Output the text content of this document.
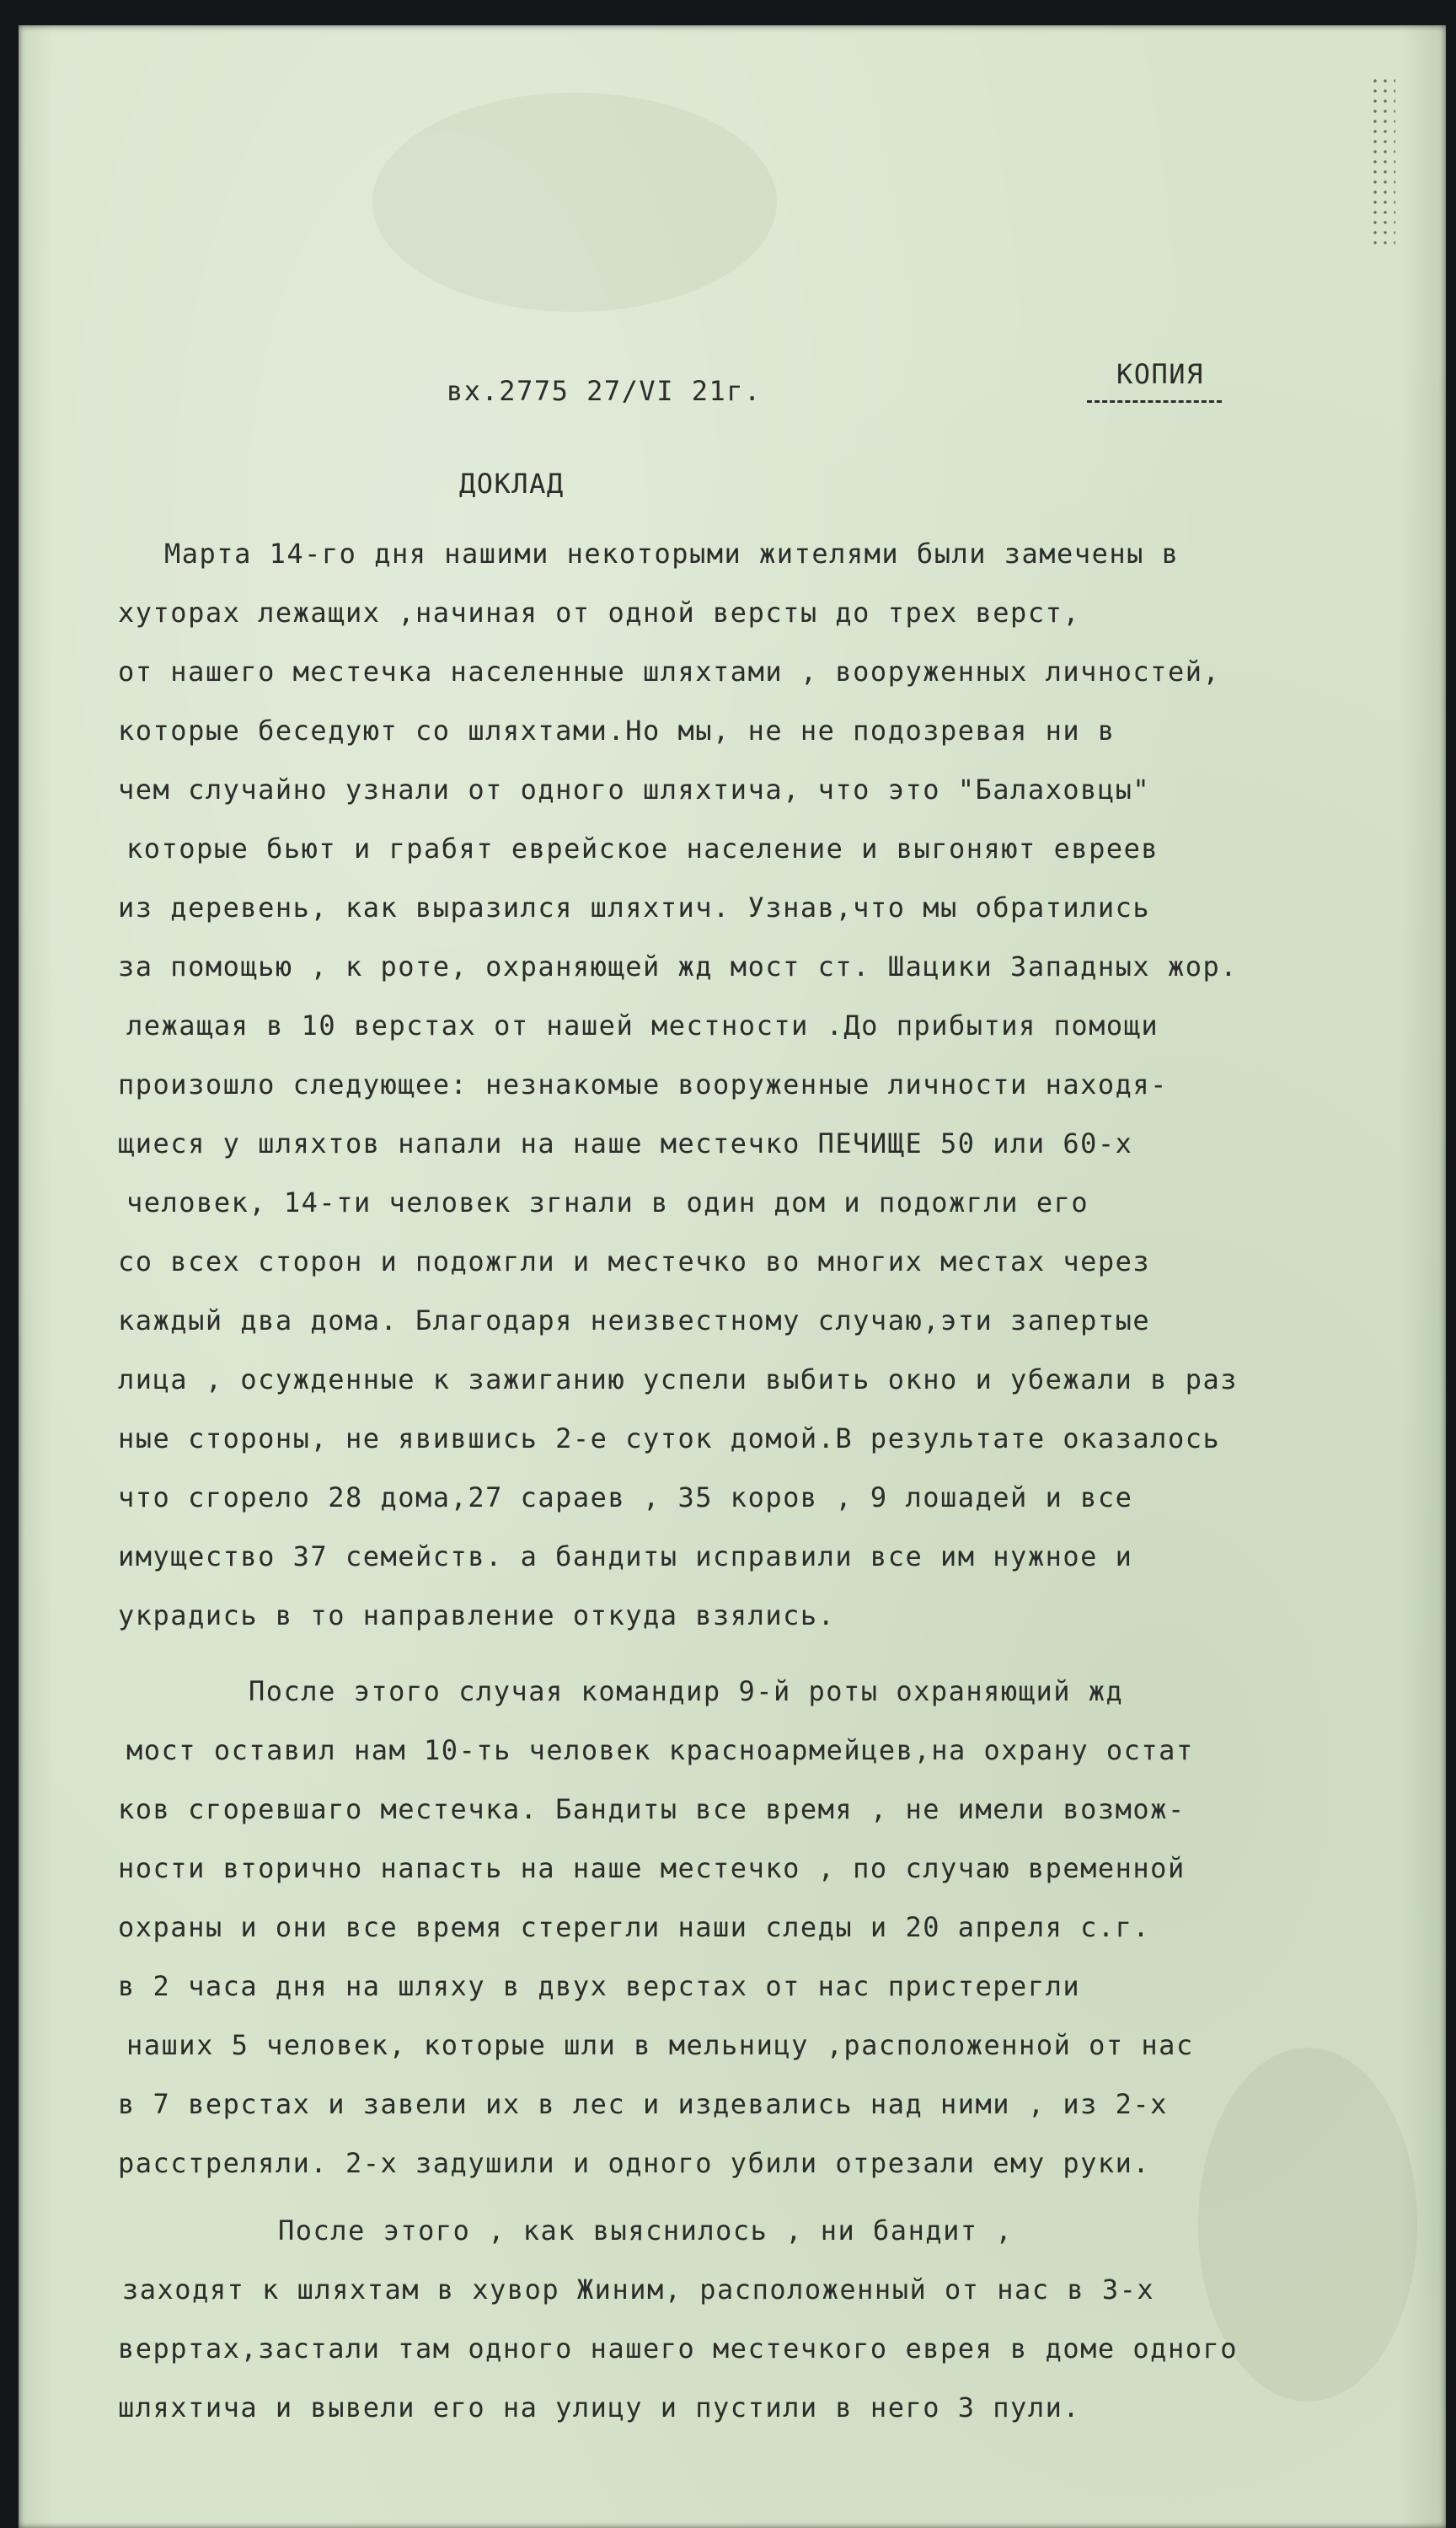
вх.2775 27/VI 21г.
КОПИЯ
ДОКЛАД
Марта 14-го дня нашими некоторыми жителями были замечены в
хуторах лежащих ,начиная от одной версты до трех верст,
от нашего местечка населенные шляхтами , вооруженных личностей,
которые беседуют со шляхтами.Но мы, не не подозревая ни в
чем случайно узнали от одного шляхтича, что это "Балаховцы"
которые бьют и грабят еврейское население и выгоняют евреев
из деревень, как выразился шляхтич. Узнав,что мы обратились
за помощью , к роте, охраняющей жд мост ст. Шацики Западных жор.
лежащая в 10 верстах от нашей местности .До прибытия помощи
произошло следующее: незнакомые вооруженные личности находя-
щиеся у шляхтов напали на наше местечко ПЕЧИЩЕ 50 или 60-х
человек, 14-ти человек згнали в один дом и подожгли его
со всех сторон и подожгли и местечко во многих местах через
каждый два дома. Благодаря неизвестному случаю,эти запертые
лица , осужденные к зажиганию успели выбить окно и убежали в раз
ные стороны, не явившись 2-е суток домой.В результате оказалось
что сгорело 28 дома,27 сараев , 35 коров , 9 лошадей и все
имущество 37 семейств. а бандиты исправили все им нужное и
украдись в то направление откуда взялись.
После этого случая командир 9-й роты охраняющий жд
мост оставил нам 10-ть человек красноармейцев,на охрану остат
ков сгоревшаго местечка. Бандиты все время , не имели возмож-
ности вторично напасть на наше местечко , по случаю временной
охраны и они все время стерегли наши следы и 20 апреля с.г.
в 2 часа дня на шляху в двух верстах от нас пристерегли
наших 5 человек, которые шли в мельницу ,расположенной от нас
в 7 верстах и завели их в лес и издевались над ними , из 2-х
расстреляли. 2-х задушили и одного убили отрезали ему руки.
После этого , как выяснилось , ни бандит ,
заходят к шляхтам в хувор Жиним, расположенный от нас в 3-х
верртах,застали там одного нашего местечкого еврея в доме одного
шляхтича и вывели его на улицу и пустили в него 3 пули.
